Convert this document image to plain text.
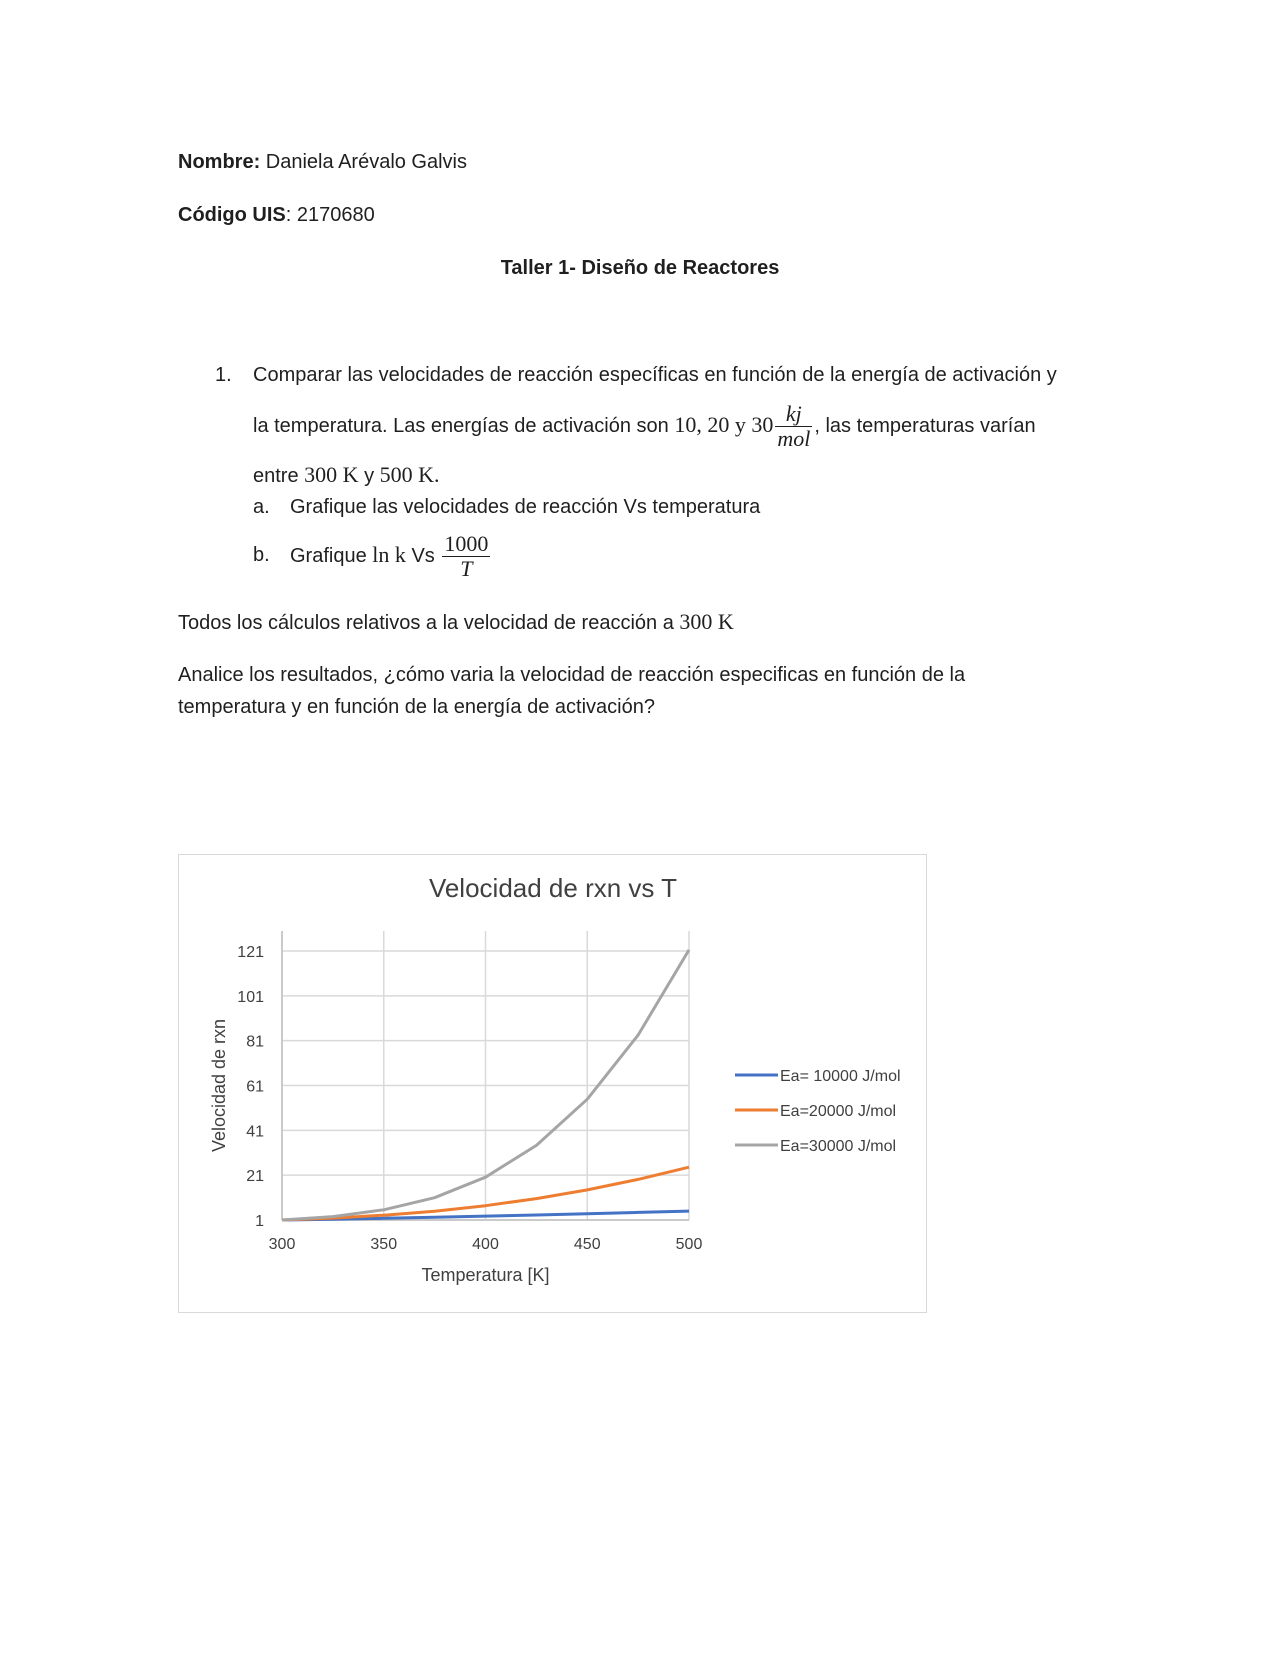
Nombre: Daniela Arévalo Galvis
Código UIS: 2170680
Taller 1- Diseño de Reactores
1. Comparar las velocidades de reacción específicas en función de la energía de activación y
la temperatura. Las energías de activación son 10, 20 y $30 \frac{kj}{\text{mol}}$ , las temperaturas varían
entre 300 K y 500 K.
a. Grafique las velocidades de reacción Vs temperatura
b. Grafique ln k Vs $\frac{1000}{T}$
Todos los cálculos relativos a la velocidad de reacción a 300 K
Analice los resultados, ¿cómo varia la velocidad de reacción especificas en función de la
temperatura y en función de la energía de activación?
Velocidad de rxn vs T
1
21
41
61
81
101
121
300	350	400	450	500
Temperatura [K]
Velocidad de rxn	Ea= 10000 J/mol
Ea=20000 J/mol
Ea=30000 J/mol
